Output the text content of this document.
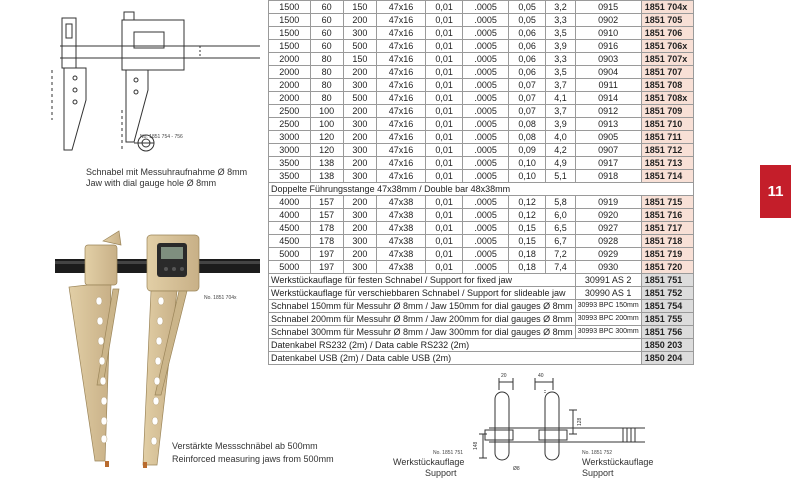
1500	60	150	47x16	0,01	.0005	0,05	3,2	0915	1851 704x
1500	60	200	47x16	0,01	.0005	0,05	3,3	0902	1851 705
1500	60	300	47x16	0,01	.0005	0,06	3,5	0910	1851 706
1500	60	500	47x16	0,01	.0005	0,06	3,9	0916	1851 706x
2000	80	150	47x16	0,01	.0005	0,06	3,3	0903	1851 707x
2000	80	200	47x16	0,01	.0005	0,06	3,5	0904	1851 707
2000	80	300	47x16	0,01	.0005	0,07	3,7	0911	1851 708
2000	80	500	47x16	0,01	.0005	0,07	4,1	0914	1851 708x
2500	100	200	47x16	0,01	.0005	0,07	3,7	0912	1851 709
2500	100	300	47x16	0,01	.0005	0,08	3,9	0913	1851 710
3000	120	200	47x16	0,01	.0005	0,08	4,0	0905	1851 711
3000	120	300	47x16	0,01	.0005	0,09	4,2	0907	1851 712
3500	138	200	47x16	0,01	.0005	0,10	4,9	0917	1851 713
3500	138	300	47x16	0,01	.0005	0,10	5,1	0918	1851 714
Doppelte Führungsstange 47x38mm / Double bar 48x38mm									
4000	157	200	47x38	0,01	.0005	0,12	5,8	0919	1851 715
4000	157	300	47x38	0,01	.0005	0,12	6,0	0920	1851 716
4500	178	200	47x38	0,01	.0005	0,15	6,5	0927	1851 717
4500	178	300	47x38	0,01	.0005	0,15	6,7	0928	1851 718
5000	197	200	47x38	0,01	.0005	0,18	7,2	0929	1851 719
5000	197	300	47x38	0,01	.0005	0,18	7,4	0930	1851 720
Werkstückauflage für festen Schnabel / Support for fixed jaw								30991 AS 2	1851 751
Werkstückauflage für verschiebbaren Schnabel / Support for slideable jaw								30990 AS 1	1851 752
Schnabel 150mm für Messuhr Ø 8mm / Jaw 150mm for dial gauges Ø 8mm								30993 BPC 150mm	1851 754
Schnabel 200mm für Messuhr Ø 8mm / Jaw 200mm for dial gauges Ø 8mm								30993 BPC 200mm	1851 755
Schnabel 300mm für Messuhr Ø 8mm / Jaw 300mm for dial gauges Ø 8mm								30993 BPC 300mm	1851 756
Datenkabel RS232 (2m) / Data cable RS232 (2m)									1850 203
Datenkabel USB (2m) / Data cable USB (2m)									1850 204
11
No. 1851 754 - 756
Schnabel mit Messuhraufnahme Ø 8mm
Jaw with dial gauge hole Ø 8mm
No. 1851 704x
Verstärkte Messschnäbel ab 500mm
Reinforced measuring jaws from 500mm
20	40
148
128
Ø8
No. 1851 751
Werkstückauflage
Support
No. 1851 752
Werkstückauflage
Support
